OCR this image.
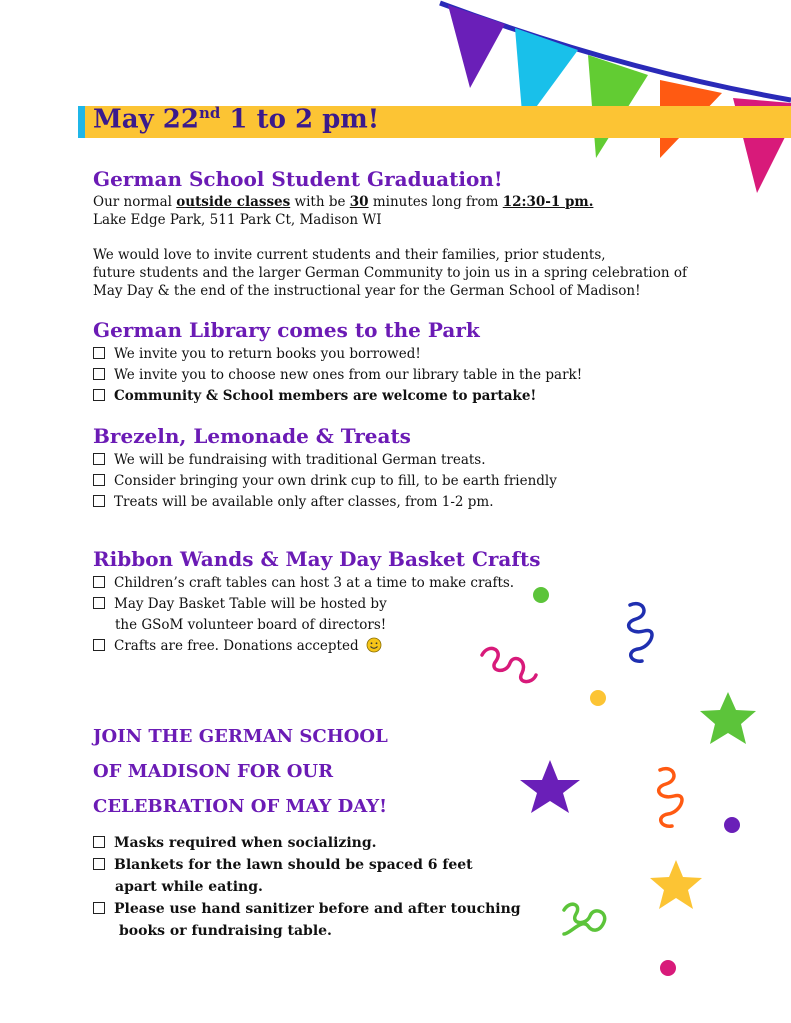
May 22nd 1 to 2 pm!
German School Student Graduation!
Our normal outside classes with be 30 minutes long from 12:30-1 pm.
Lake Edge Park, 511 Park Ct, Madison WI
We would love to invite current students and their families, prior students,
future students and the larger German Community to join us in a spring celebration of
May Day & the end of the instructional year for the German School of Madison!
German Library comes to the Park
We invite you to return books you borrowed!
We invite you to choose new ones from our library table in the park!
Community & School members are welcome to partake!
Brezeln, Lemonade & Treats
We will be fundraising with traditional German treats.
Consider bringing your own drink cup to fill, to be earth friendly
Treats will be available only after classes, from 1-2 pm.
Ribbon Wands & May Day Basket Crafts
Children’s craft tables can host 3 at a time to make crafts.
May Day Basket Table will be hosted by
the GSoM volunteer board of directors!
Crafts are free. Donations accepted
JOIN THE GERMAN SCHOOL
OF MADISON FOR OUR
CELEBRATION OF MAY DAY!
Masks required when socializing.
Blankets for the lawn should be spaced 6 feet
apart while eating.
Please use hand sanitizer before and after touching
books or fundraising table.
